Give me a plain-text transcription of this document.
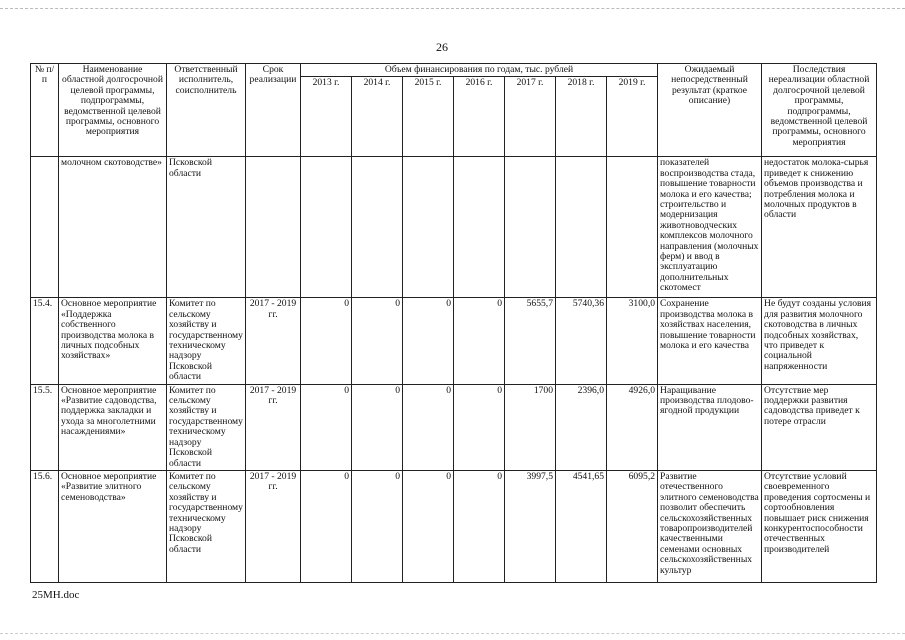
26
№ п/п	Наименование областной долгосрочной целевой программы, подпрограммы, ведомственной целевой программы, основного мероприятия	Ответственный исполнитель, соисполнитель	Срок реализации	Объем финансирования по годам, тыс. рублей							Ожидаемый непосредственный результат (краткое описание)	Последствия нереализации областной долгосрочной целевой программы, подпрограммы, ведомственной целевой программы, основного мероприятия
				2013 г.	2014 г.	2015 г.	2016 г.	2017 г.	2018 г.	2019 г.		
	молочном скотоводстве»	Псковской области									показателей воспроизводства стада, повышение товарности молока и его качества; строительство и модернизация животноводческих комплексов молочного направления (молочных ферм) и ввод в эксплуатацию дополнительных скотомест	недостаток молока-сырья приведет к снижению объемов производства и потребления молока и молочных продуктов в области
15.4.	Основное мероприятие «Поддержка собственного производства молока в личных подсобных хозяйствах»	Комитет по сельскому хозяйству и государственному техническому надзору Псковской области	2017 - 2019 гг.	0	0	0	0	5655,7	5740,36	3100,0	Сохранение производства молока в хозяйствах населения, повышение товарности молока и его качества	Не будут созданы условия для развития молочного скотоводства в личных подсобных хозяйствах, что приведет к социальной напряженности
15.5.	Основное мероприятие «Развитие садоводства, поддержка закладки и ухода за многолетними насаждениями»	Комитет по сельскому хозяйству и государственному техническому надзору Псковской области	2017 - 2019 гг.	0	0	0	0	1700	2396,0	4926,0	Наращивание производства плодово-ягодной продукции	Отсутствие мер поддержки развития садоводства приведет к потере отрасли
15.6.	Основное мероприятие «Развитие элитного семеноводства»	Комитет по сельскому хозяйству и государственному техническому надзору Псковской области	2017 - 2019 гг.	0	0	0	0	3997,5	4541,65	6095,2	Развитие отечественного элитного семеноводства позволит обеспечить сельскохозяйственных товаропроизводителей качественными семенами основных сельскохозяйственных культур	Отсутствие условий своевременного проведения сортосмены и сортообновления повышает риск снижения конкурентоспособности отечественных производителей
25MH.doc
